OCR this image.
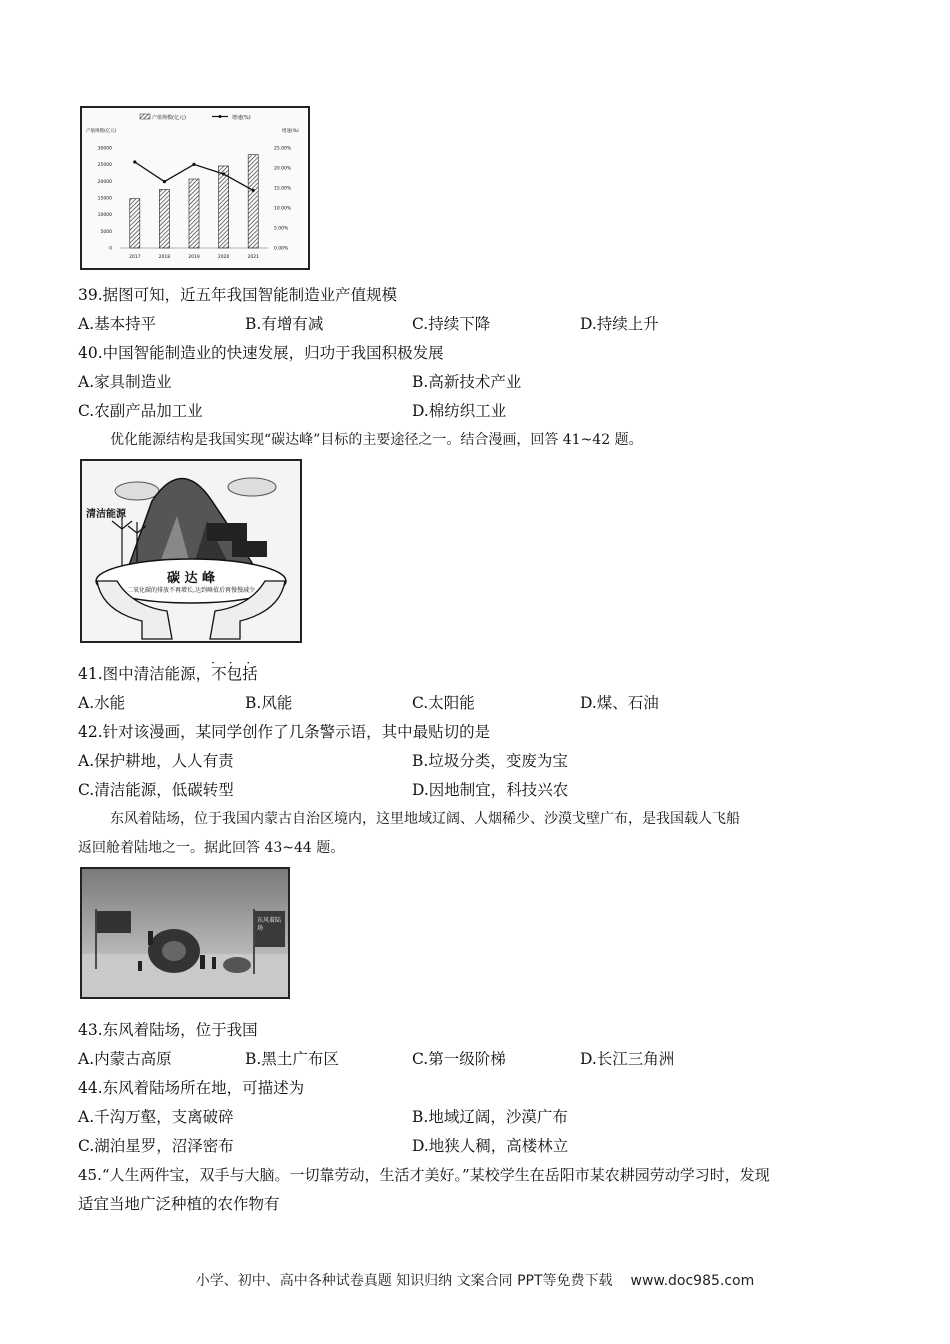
产值规模(亿元)	增速(%)
产值规模(亿元)	增速(%)
30000
25000
20000
15000
10000
5000
0
25.00%
20.00%
15.00%
10.00%
5.00%
0.00%
2017	2018	2019	2020	2021
39.据图可知，近五年我国智能制造业产值规模
A.基本持平	B.有增有减	C.持续下降	D.持续上升
40.中国智能制造业的快速发展，归功于我国积极发展
A.家具制造业	B.高新技术产业
C.农副产品加工业	D.棉纺织工业
优化能源结构是我国实现“碳达峰”目标的主要途径之一。结合漫画，回答 41~42 题。
清洁能源
碳 达 峰
二氧化碳的排放不再增长,达到峰值后再慢慢减少
41.图中清洁能源，不包括 · · ·
A.水能	B.风能	C.太阳能	D.煤、石油
42.针对该漫画，某同学创作了几条警示语，其中最贴切的是
A.保护耕地，人人有责	B.垃圾分类，变废为宝
C.清洁能源，低碳转型	D.因地制宜，科技兴农
东风着陆场，位于我国内蒙古自治区境内，这里地域辽阔、人烟稀少、沙漠戈壁广布，是我国载人飞船
返回舱着陆地之一。据此回答 43~44 题。
东风着陆场
43.东风着陆场，位于我国
A.内蒙古高原	B.黑土广布区	C.第一级阶梯	D.长江三角洲
44.东风着陆场所在地，可描述为
A.千沟万壑，支离破碎	B.地域辽阔，沙漠广布
C.湖泊星罗，沼泽密布	D.地狭人稠，高楼林立
45.“人生两件宝，双手与大脑。一切靠劳动，生活才美好。”某校学生在岳阳市某农耕园劳动学习时，发现
适宜当地广泛种植的农作物有
小学、初中、高中各种试卷真题 知识归纳 文案合同 PPT等免费下载 www.doc985.com
